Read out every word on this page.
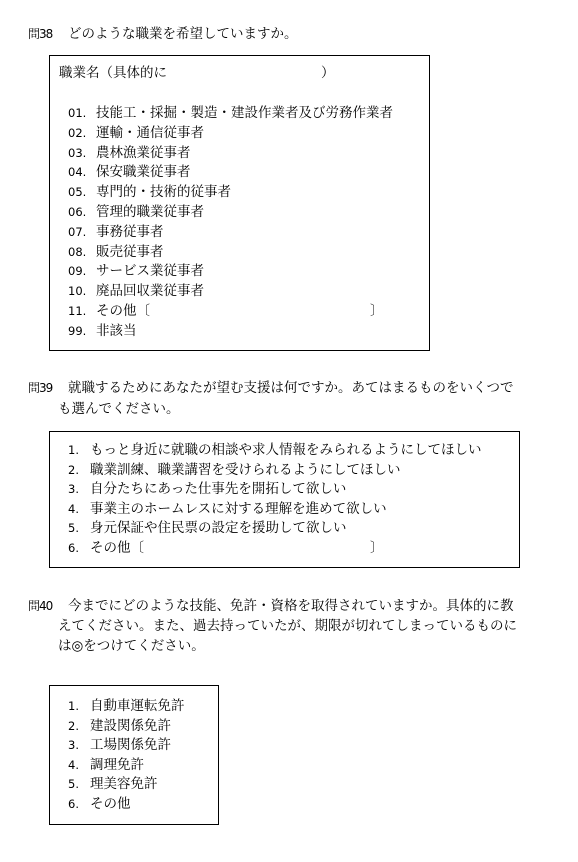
問38 どのような職業を希望していますか。
職業名（具体的に	）
01. 技能工・採掘・製造・建設作業者及び労務作業者
02. 運輸・通信従事者
03. 農林漁業従事者
04. 保安職業従事者
05. 専門的・技術的従事者
06. 管理的職業従事者
07. 事務従事者
08. 販売従事者
09. サービス業従事者
10. 廃品回収業従事者
11. その他〔
99. 非該当
〕
問39 就職するためにあなたが望む支援は何ですか。あてはまるものをいくつで
も選んでください。
1. もっと身近に就職の相談や求人情報をみられるようにしてほしい
2. 職業訓練、職業講習を受けられるようにしてほしい
3. 自分たちにあった仕事先を開拓して欲しい
4. 事業主のホームレスに対する理解を進めて欲しい
5. 身元保証や住民票の設定を援助して欲しい
6. その他〔	〕
問40 今までにどのような技能、免許・資格を取得されていますか。具体的に教
えてください。また、過去持っていたが、期限が切れてしまっているものに
は◎をつけてください。
1. 自動車運転免許
2. 建設関係免許
3. 工場関係免許
4. 調理免許
5. 理美容免許
6. その他
